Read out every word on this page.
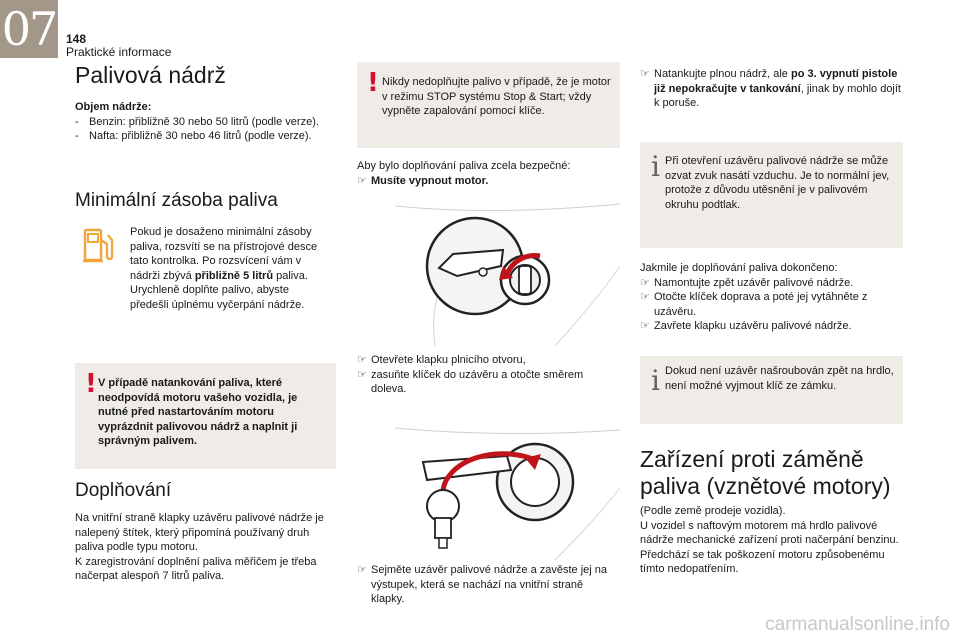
07 148
Praktické informace
Palivová nádrž
Objem nádrže:
- Benzin: přibližně 30 nebo 50 litrů (podle verze).
- Nafta: přibližně 30 nebo 46 litrů (podle verze).
Minimální zásoba paliva
Pokud je dosaženo minimální zásoby paliva, rozsvítí se na přístrojové desce tato kontrolka. Po rozsvícení vám v nádrži zbývá přibližně 5 litrů paliva. Urychleně doplňte palivo, abyste předešli úplnému vyčerpání nádrže.
! V případě natankování paliva, které neodpovídá motoru vašeho vozidla, je nutné před nastartováním motoru vyprázdnit palivovou nádrž a naplnit ji správným palivem.
Doplňování
Na vnitřní straně klapky uzávěru palivové nádrže je nalepený štítek, který připomíná používaný druh paliva podle typu motoru.
K zaregistrování doplnění paliva měřičem je třeba načerpat alespoň 7 litrů paliva.
! Nikdy nedoplňujte palivo v případě, že je motor v režimu STOP systému Stop & Start; vždy vypněte zapalování pomocí klíče.
Aby bylo doplňování paliva zcela bezpečné:
☞ Musíte vypnout motor.
☞ Otevřete klapku plnicího otvoru,
☞ zasuňte klíček do uzávěru a otočte směrem doleva.
☞ Sejměte uzávěr palivové nádrže a zavěste jej na výstupek, která se nachází na vnitřní straně klapky.
☞ Natankujte plnou nádrž, ale po 3. vypnutí pistole již nepokračujte v tankování, jinak by mohlo dojít k poruše.
i Při otevření uzávěru palivové nádrže se může ozvat zvuk nasátí vzduchu. Je to normální jev, protože z důvodu utěsnění je v palivovém okruhu podtlak.
Jakmile je doplňování paliva dokončeno:
☞ Namontujte zpět uzávěr palivové nádrže.
☞ Otočte klíček doprava a poté jej vytáhněte z uzávěru.
☞ Zavřete klapku uzávěru palivové nádrže.
i Dokud není uzávěr našroubován zpět na hrdlo, není možné vyjmout klíč ze zámku.
Zařízení proti záměně paliva (vznětové motory)
(Podle země prodeje vozidla).
U vozidel s naftovým motorem má hrdlo palivové nádrže mechanické zařízení proti načerpání benzinu. Předchází se tak poškození motoru způsobenému tímto nedopatřením.
carmanualsonline.info
